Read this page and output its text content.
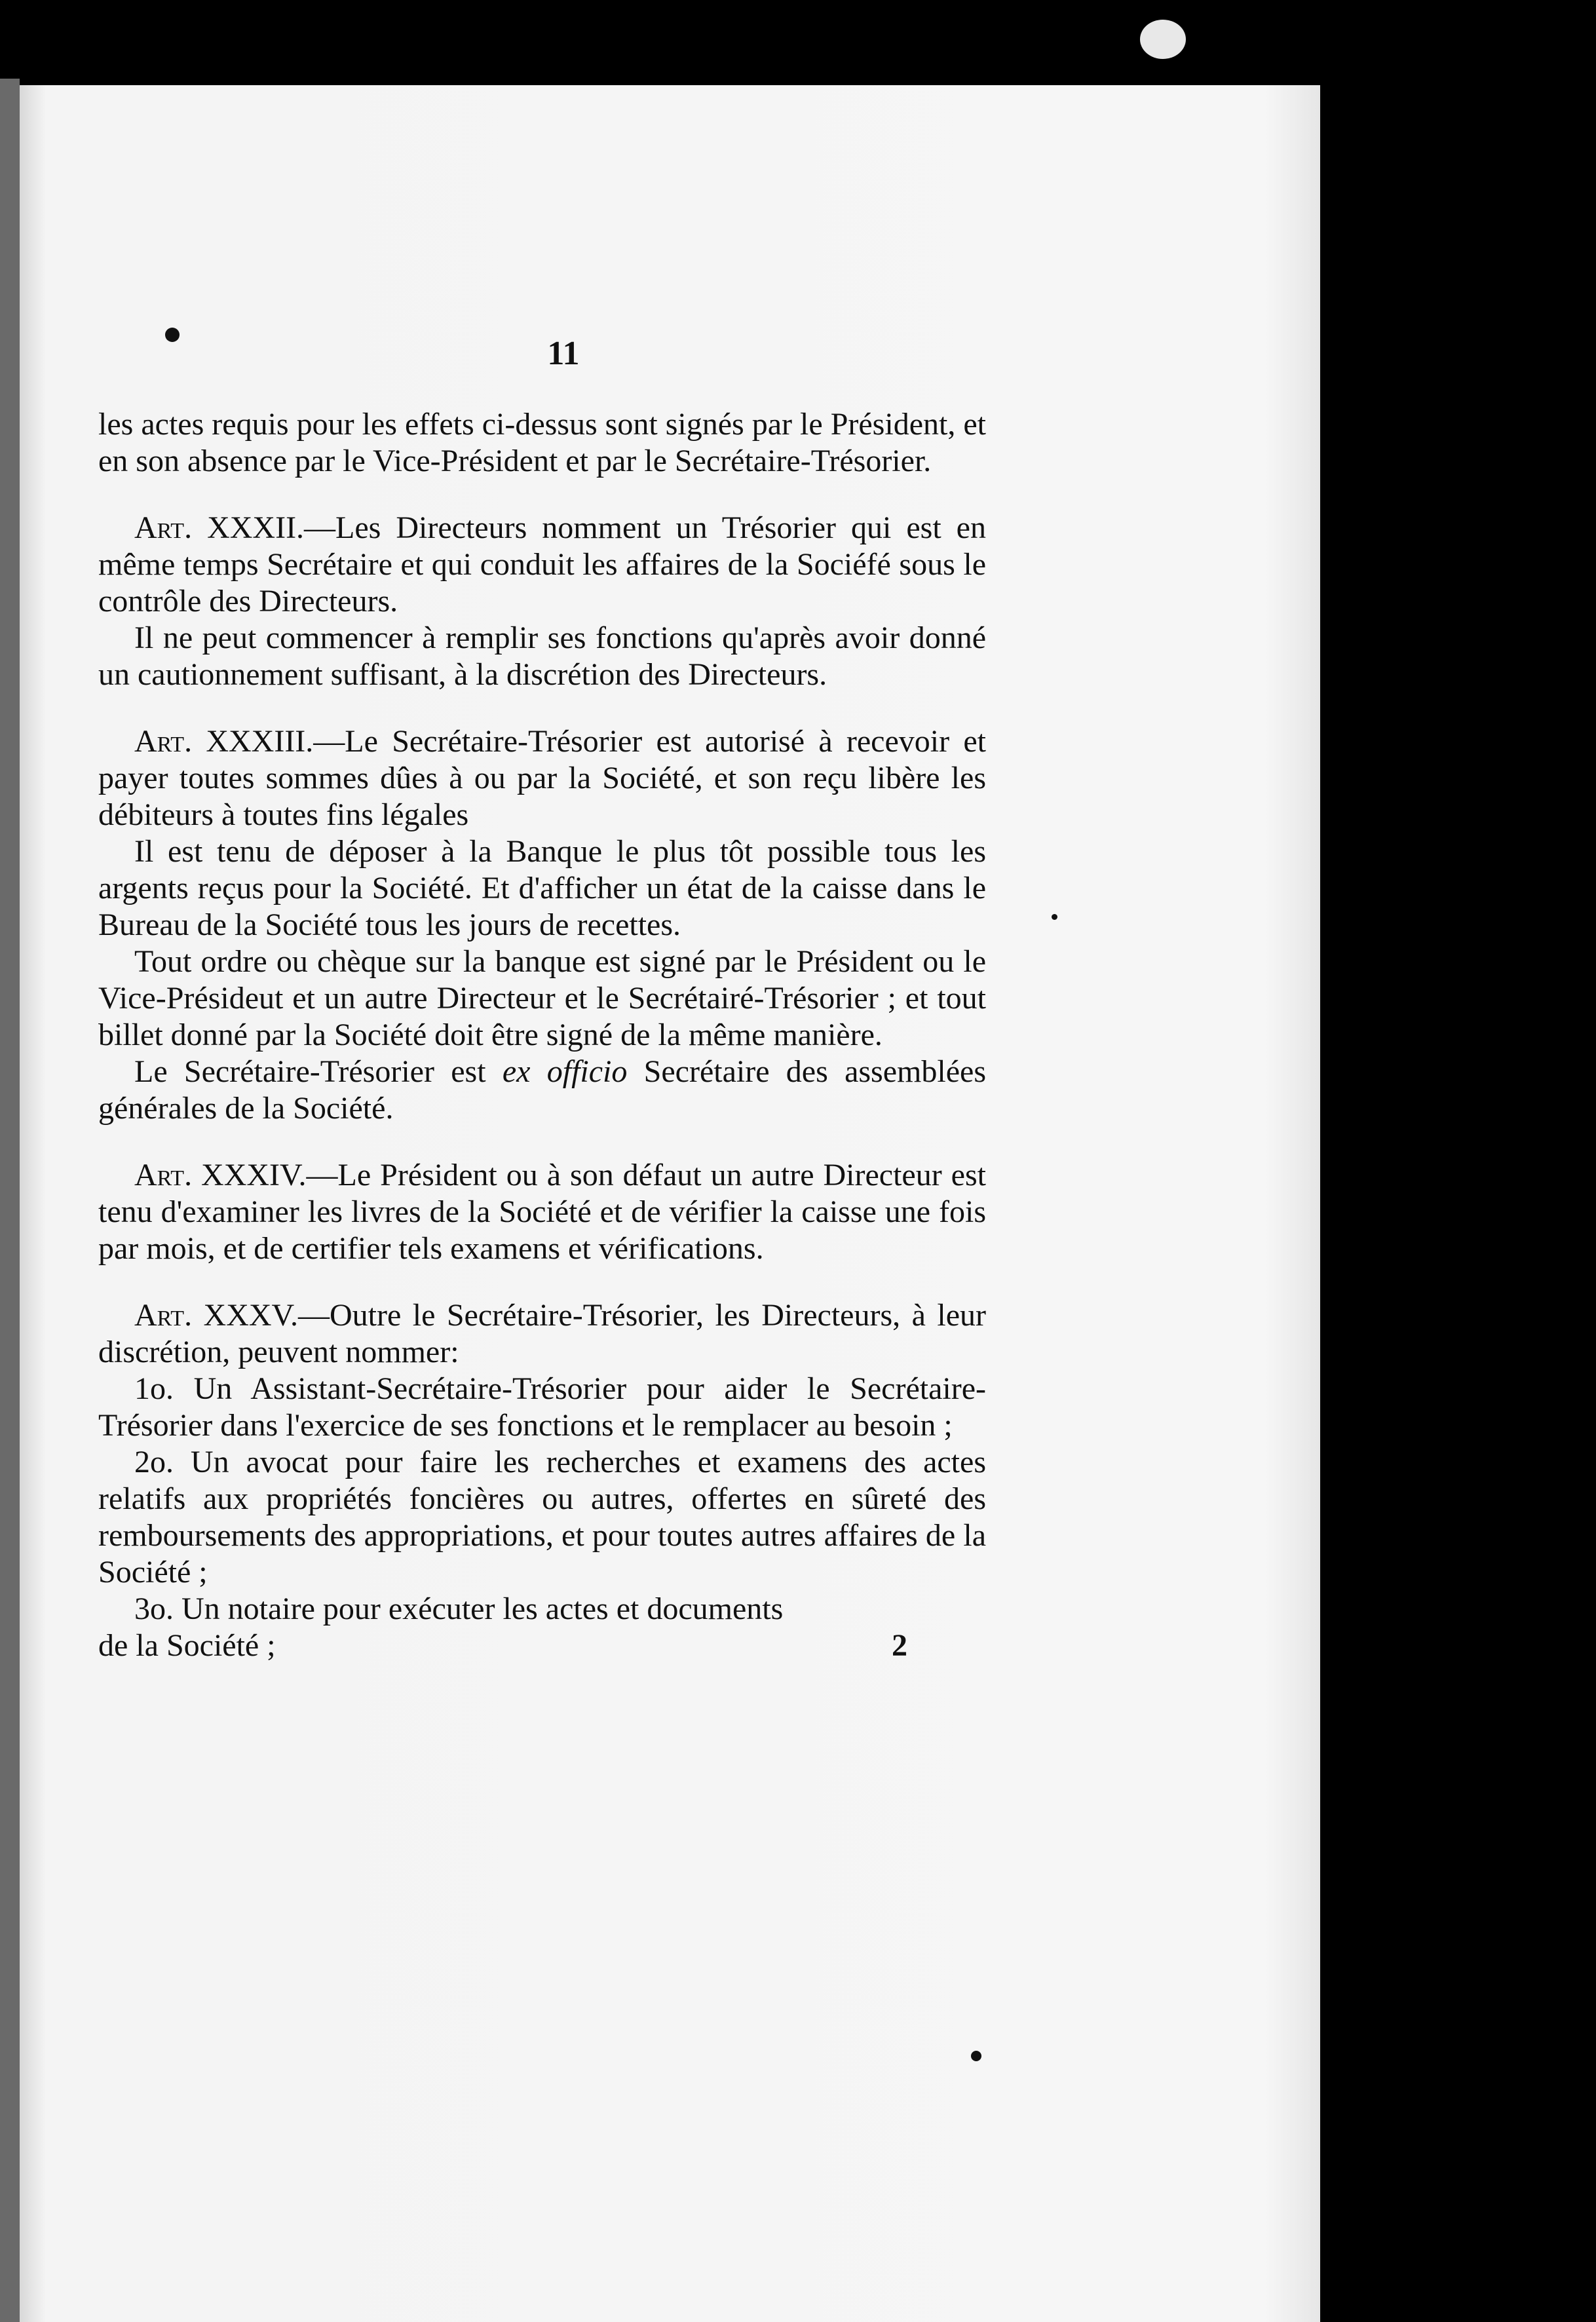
11

les actes requis pour les effets ci-dessus sont signés par le Président, et en son absence par le Vice-Président et par le Secrétaire-Trésorier.

Art. XXXII.—Les Directeurs nomment un Trésorier qui est en même temps Secrétaire et qui conduit les affaires de la Sociéfé sous le contrôle des Directeurs.

Il ne peut commencer à remplir ses fonctions qu'après avoir donné un cautionnement suffisant, à la discrétion des Directeurs.

Art. XXXIII.—Le Secrétaire-Trésorier est autorisé à recevoir et payer toutes sommes dûes à ou par la Société, et son reçu libère les débiteurs à toutes fins légales

Il est tenu de déposer à la Banque le plus tôt possible tous les argents reçus pour la Société. Et d'afficher un état de la caisse dans le Bureau de la Société tous les jours de recettes.

Tout ordre ou chèque sur la banque est signé par le Président ou le Vice-Présideut et un autre Directeur et le Secrétairé-Trésorier ; et tout billet donné par la Société doit être signé de la même manière.

Le Secrétaire-Trésorier est ex officio Secrétaire des assemblées générales de la Société.

Art. XXXIV.—Le Président ou à son défaut un autre Directeur est tenu d'examiner les livres de la Société et de vérifier la caisse une fois par mois, et de certifier tels examens et vérifications.

Art. XXXV.—Outre le Secrétaire-Trésorier, les Directeurs, à leur discrétion, peuvent nommer:

1o. Un Assistant-Secrétaire-Trésorier pour aider le Secrétaire-Trésorier dans l'exercice de ses fonctions et le remplacer au besoin ;

2o. Un avocat pour faire les recherches et examens des actes relatifs aux propriétés foncières ou autres, offertes en sûreté des remboursements des appropriations, et pour toutes autres affaires de la Société ;

3o. Un notaire pour exécuter les actes et documents

de la Société ;	2
